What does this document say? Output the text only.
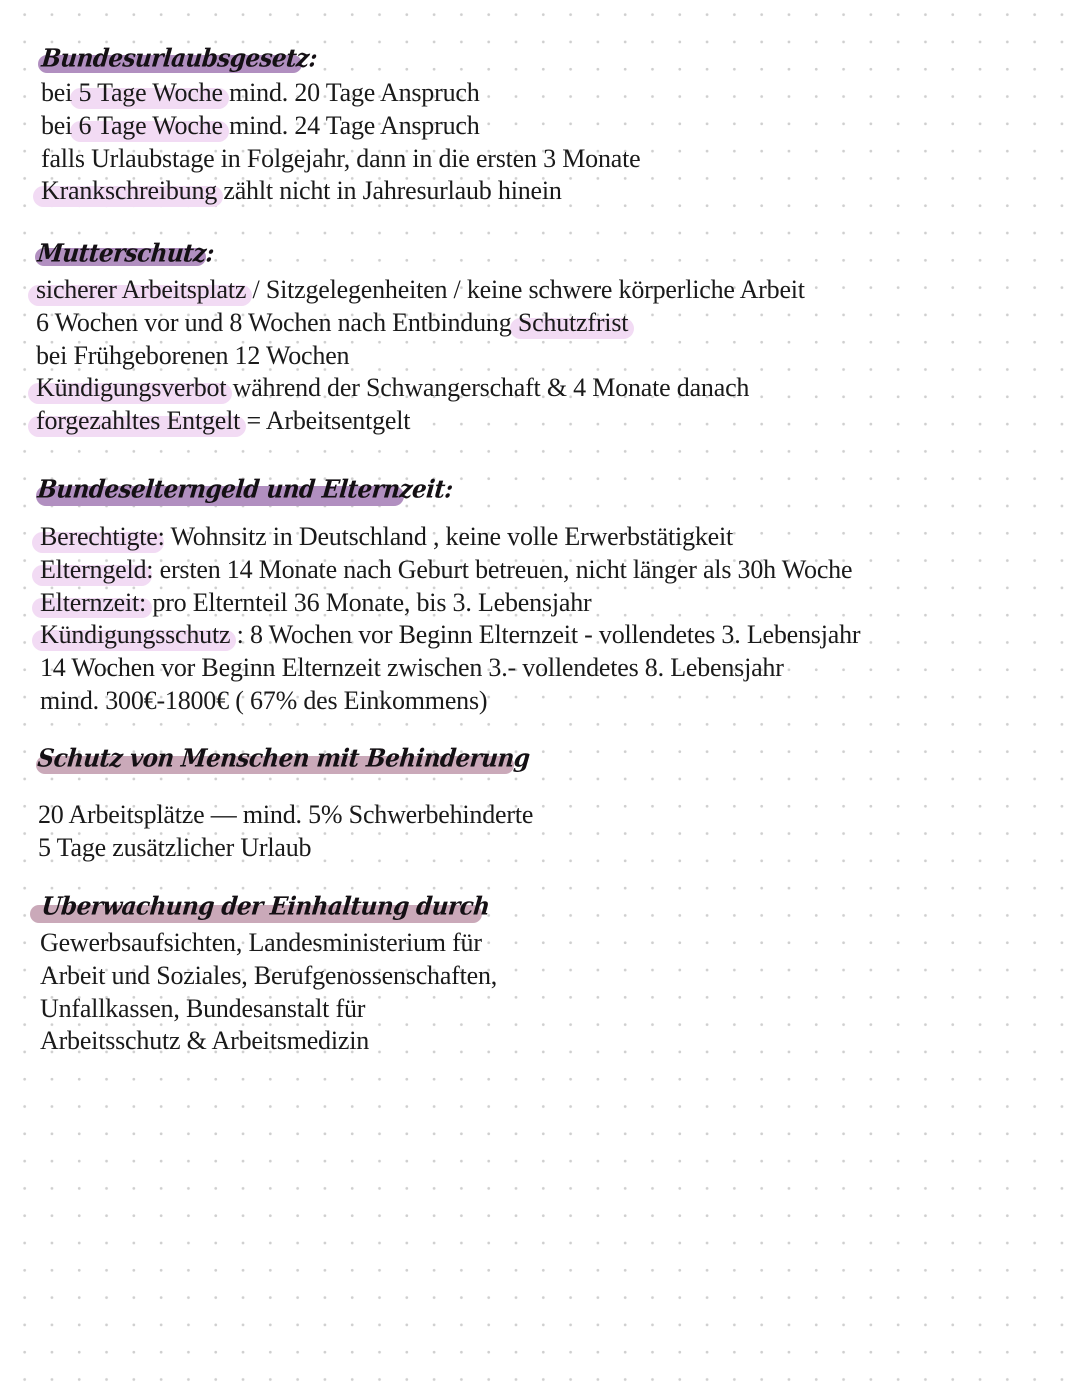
Bundesurlaubsgesetz:
bei 5 Tage Woche mind. 20 Tage Anspruch
bei 6 Tage Woche mind. 24 Tage Anspruch
falls Urlaubstage in Folgejahr, dann in die ersten 3 Monate
Krankschreibung zählt nicht in Jahresurlaub hinein
Mutterschutz:
sicherer Arbeitsplatz / Sitzgelegenheiten / keine schwere körperliche Arbeit
6 Wochen vor und 8 Wochen nach Entbindung Schutzfrist
bei Frühgeborenen 12 Wochen
Kündigungsverbot während der Schwangerschaft & 4 Monate danach
forgezahltes Entgelt = Arbeitsentgelt
Bundeselterngeld und Elternzeit:
Berechtigte: Wohnsitz in Deutschland , keine volle Erwerbstätigkeit
Elterngeld: ersten 14 Monate nach Geburt betreuen, nicht länger als 30h Woche
Elternzeit: pro Elternteil 36 Monate, bis 3. Lebensjahr
Kündigungsschutz : 8 Wochen vor Beginn Elternzeit - vollendetes 3. Lebensjahr
14 Wochen vor Beginn Elternzeit zwischen 3.- vollendetes 8. Lebensjahr
mind. 300€-1800€ ( 67% des Einkommens)
Schutz von Menschen mit Behinderung
20 Arbeitsplätze — mind. 5% Schwerbehinderte
5 Tage zusätzlicher Urlaub
Uberwachung der Einhaltung durch
Gewerbsaufsichten, Landesministerium für
Arbeit und Soziales, Berufgenossenschaften,
Unfallkassen, Bundesanstalt für
Arbeitsschutz & Arbeitsmedizin
